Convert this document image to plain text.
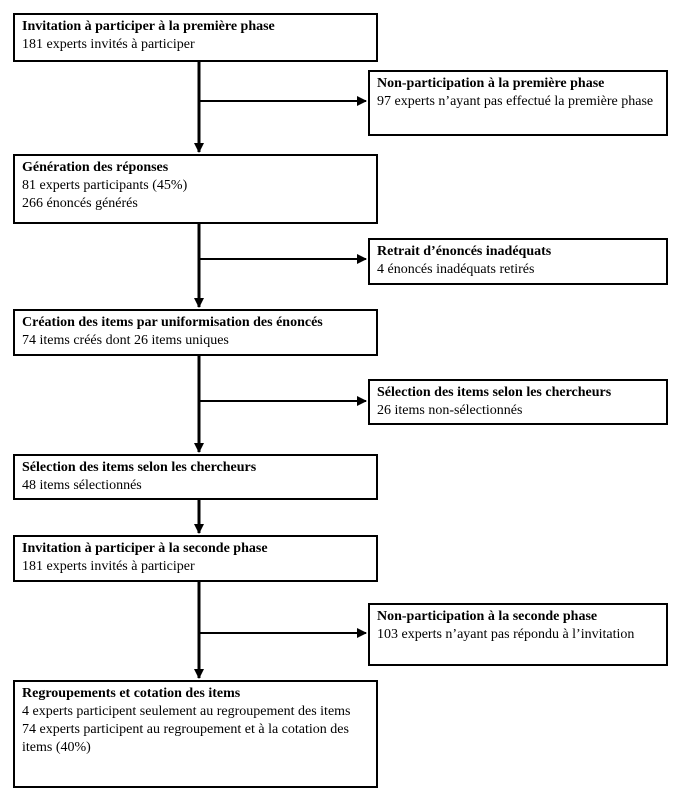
Invitation à participer à la première phase
181 experts invités à participer
Génération des réponses
81 experts participants (45%)
266 énoncés générés
Création des items par uniformisation des énoncés
74 items créés dont 26 items uniques
Sélection des items selon les chercheurs
48 items sélectionnés
Invitation à participer à la seconde phase
181 experts invités à participer
Regroupements et cotation des items
4 experts participent seulement au regroupement des items
74 experts participent au regroupement et à la cotation des items (40%)
Non-participation à la première phase
97 experts n’ayant pas effectué la première phase
Retrait d’énoncés inadéquats
4 énoncés inadéquats retirés
Sélection des items selon les chercheurs
26 items non-sélectionnés
Non-participation à la seconde phase
103 experts n’ayant pas répondu à l’invitation
